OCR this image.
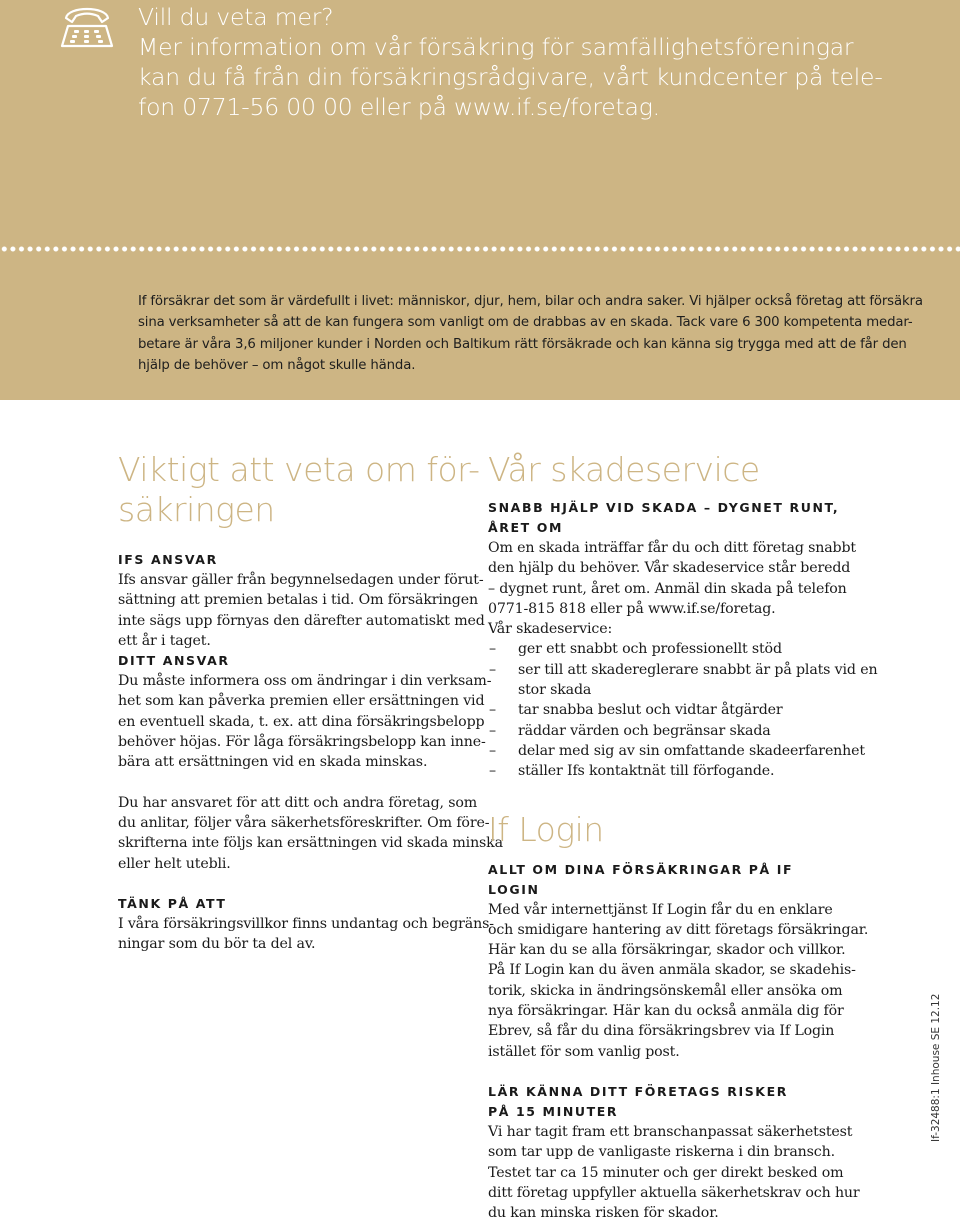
Vill du veta mer?
Mer information om vår försäkring för samfällighetsföreningar
kan du få från din försäkringsrådgivare, vårt kundcenter på tele-
fon 0771-56 00 00 eller på www.if.se/foretag.
If försäkrar det som är värdefullt i livet: människor, djur, hem, bilar och andra saker. Vi hjälper också företag att försäkra
sina verksamheter så att de kan fungera som vanligt om de drabbas av en skada. Tack vare 6 300 kompetenta medar-
betare är våra 3,6 miljoner kunder i Norden och Baltikum rätt försäkrade och kan känna sig trygga med att de får den
hjälp de behöver – om något skulle hända.
Viktigt att veta om för-
säkringen
IFS ANSVAR
Ifs ansvar gäller från begynnelsedagen under förut-
sättning att premien betalas i tid. Om försäkringen
inte sägs upp förnyas den därefter automatiskt med
ett år i taget.
DITT ANSVAR
Du måste informera oss om ändringar i din verksam-
het som kan påverka premien eller ersättningen vid
en eventuell skada, t. ex. att dina försäkringsbelopp
behöver höjas. För låga försäkringsbelopp kan inne-
bära att ersättningen vid en skada minskas.
Du har ansvaret för att ditt och andra företag, som
du anlitar, följer våra säkerhetsföreskrifter. Om före-
skrifterna inte följs kan ersättningen vid skada minska
eller helt utebli.
TÄNK PÅ ATT
I våra försäkringsvillkor finns undantag och begräns-
ningar som du bör ta del av.
Vår skadeservice
SNABB HJÄLP VID SKADA – DYGNET RUNT,
ÅRET OM
Om en skada inträffar får du och ditt företag snabbt
den hjälp du behöver. Vår skadeservice står beredd
– dygnet runt, året om. Anmäl din skada på telefon
0771-815 818 eller på www.if.se/foretag.
Vår skadeservice:
– ger ett snabbt och professionellt stöd
– ser till att skadereglerare snabbt är på plats vid en
stor skada
– tar snabba beslut och vidtar åtgärder
– räddar värden och begränsar skada
– delar med sig av sin omfattande skadeerfarenhet
– ställer Ifs kontaktnät till förfogande.
If Login
ALLT OM DINA FÖRSÄKRINGAR PÅ IF LOGIN
Med vår internettjänst If Login får du en enklare
och smidigare hantering av ditt företags försäkringar.
Här kan du se alla försäkringar, skador och villkor.
På If Login kan du även anmäla skador, se skadehis-
torik, skicka in ändringsönskemål eller ansöka om
nya försäkringar. Här kan du också anmäla dig för
Ebrev, så får du dina försäkringsbrev via If Login
istället för som vanlig post.
LÄR KÄNNA DITT FÖRETAGS RISKER
PÅ 15 MINUTER
Vi har tagit fram ett branschanpassat säkerhetstest
som tar upp de vanligaste riskerna i din bransch.
Testet tar ca 15 minuter och ger direkt besked om
ditt företag uppfyller aktuella säkerhetskrav och hur
du kan minska risken för skador.
If-32488:1 Inhouse SE 12.12
